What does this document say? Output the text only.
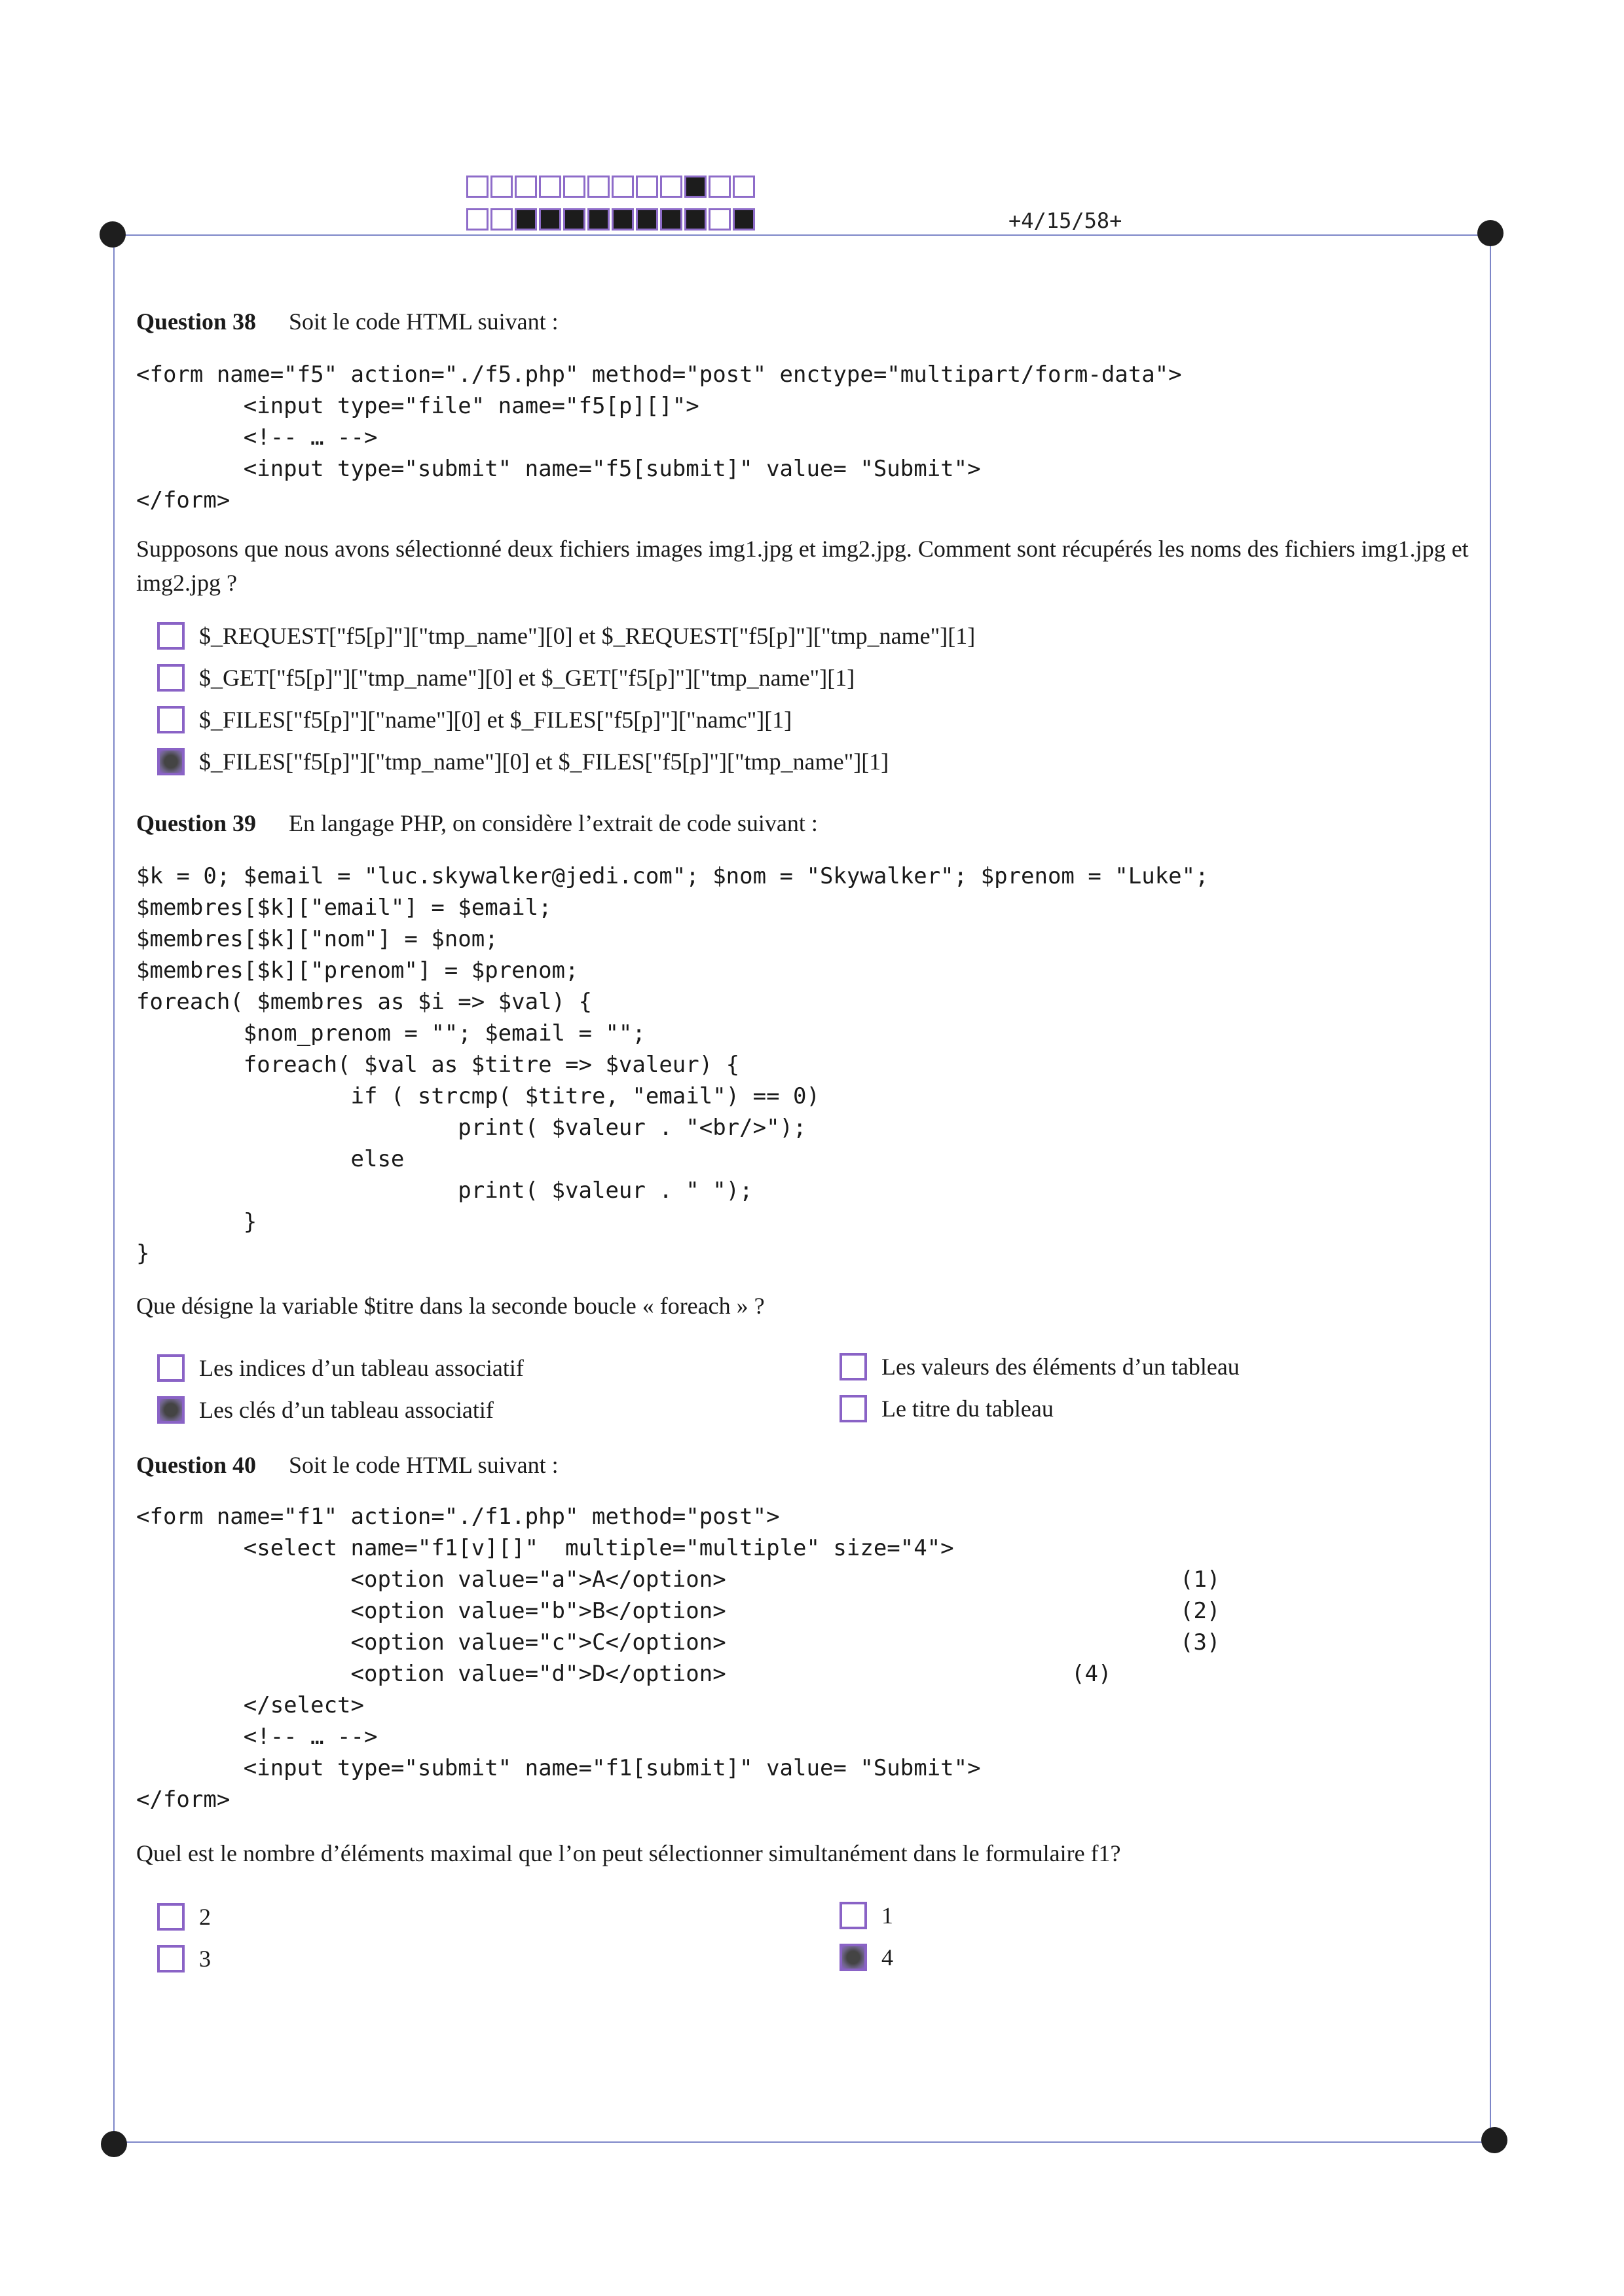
+4/15/58+
Question 38 Soit le code HTML suivant :
<form name="f5" action="./f5.php" method="post" enctype="multipart/form-data">
<input type="file" name="f5[p][]">
<!-- … -->
<input type="submit" name="f5[submit]" value= "Submit">
</form>
Supposons que nous avons sélectionné deux fichiers images img1.jpg et img2.jpg. Comment sont récupérés les noms des fichiers img1.jpg et img2.jpg ?
$_REQUEST["f5[p]"]["tmp_name"][0] et $_REQUEST["f5[p]"]["tmp_name"][1]
$_GET["f5[p]"]["tmp_name"][0] et $_GET["f5[p]"]["tmp_name"][1]
$_FILES["f5[p]"]["name"][0] et $_FILES["f5[p]"]["namc"][1]
$_FILES["f5[p]"]["tmp_name"][0] et $_FILES["f5[p]"]["tmp_name"][1]
Question 39 En langage PHP, on considère l’extrait de code suivant :
$k = 0; $email = "luc.skywalker@jedi.com"; $nom = "Skywalker"; $prenom = "Luke";
$membres[$k]["email"] = $email;
$membres[$k]["nom"] = $nom;
$membres[$k]["prenom"] = $prenom;
foreach( $membres as $i => $val) {
$nom_prenom = ""; $email = "";
foreach( $val as $titre => $valeur) {
if ( strcmp( $titre, "email") == 0)
print( $valeur . "<br/>");
else
print( $valeur . " ");
}
}
Que désigne la variable $titre dans la seconde boucle « foreach » ?
Les indices d’un tableau associatif
Les clés d’un tableau associatif
Les valeurs des éléments d’un tableau
Le titre du tableau
Question 40 Soit le code HTML suivant :
<form name="f1" action="./f1.php" method="post">
<select name="f1[v][]"  multiple="multiple" size="4">
<option value="a">A</option>
<option value="b">B</option>
<option value="c">C</option>
<option value="d">D</option>
</select>
<!-- … -->
<input type="submit" name="f1[submit]" value= "Submit">
</form>
(1)
(2)
(3)
(4)
Quel est le nombre d’éléments maximal que l’on peut sélectionner simultanément dans le formulaire f1?
2
3
1
4
